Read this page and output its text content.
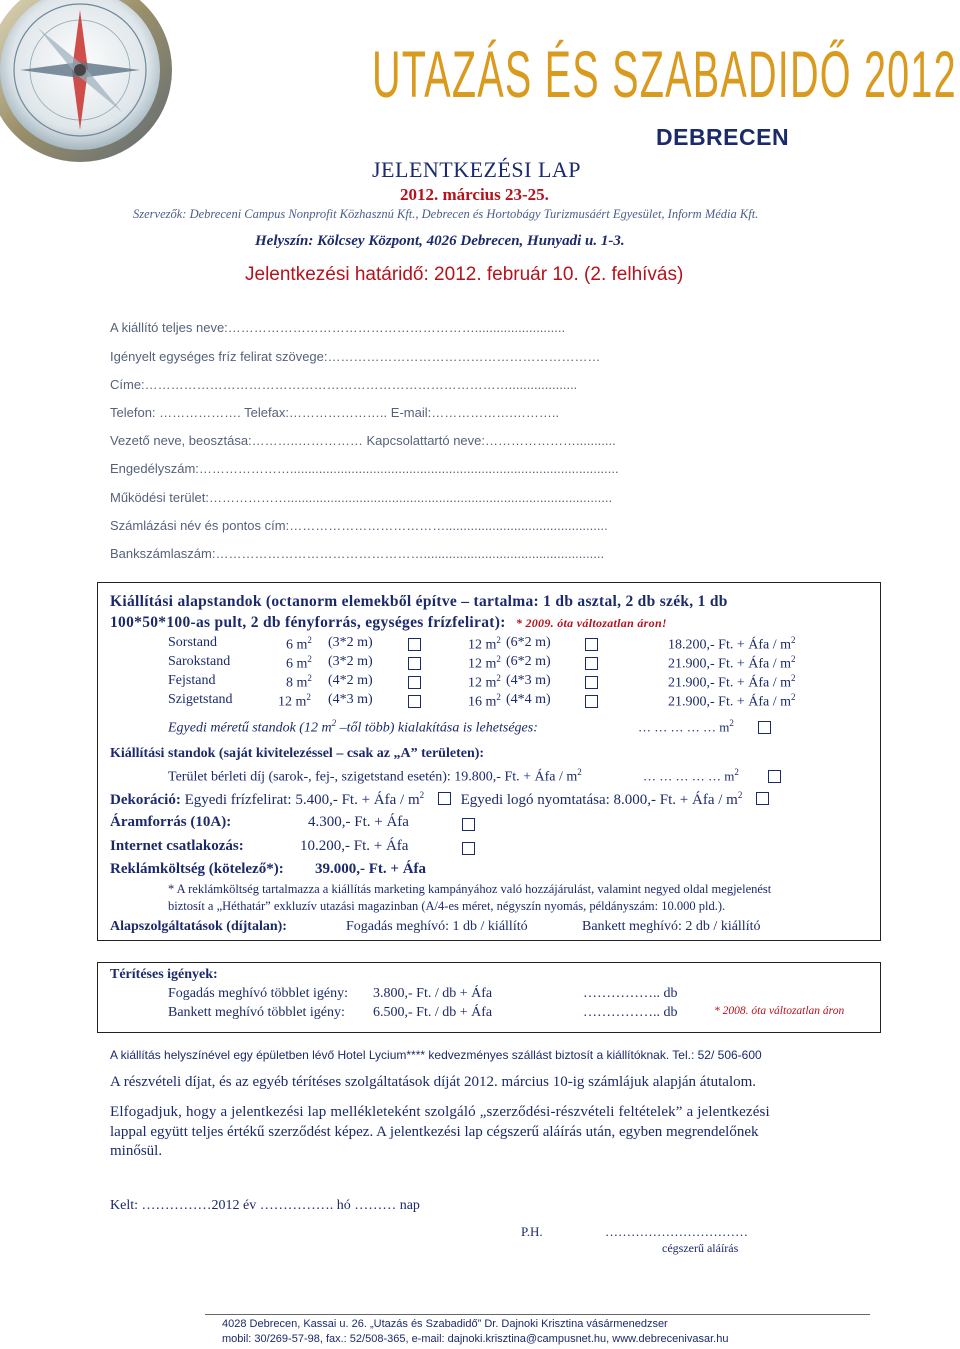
UTAZÁS ÉS SZABADIDŐ 2012
DEBRECEN
JELENTKEZÉSI LAP
2012. március 23-25.
Szervezők: Debreceni Campus Nonprofit Közhasznú Kft., Debrecen és Hortobágy Turizmusáért Egyesület, Inform Média Kft.
Helyszín: Kölcsey Központ, 4026 Debrecen, Hunyadi u. 1-3.
Jelentkezési határidő: 2012. február 10. (2. felhívás)
A kiállító teljes neve:………………………………………………….........................
Igényelt egységes fríz felirat szövege:………………………………………………………
Címe:…………………………………………………………………………...................
Telefon: ………………. Telefax:………………….. E-mail:……………….………..
Vezető neve, beosztása:………..…………… Kapcsolattartó neve:…………………...........
Engedélyszám:…………………...........................................................................................
Működési terület:………………..........................................................................................
Számlázási név és pontos cím:……………………………….............................................
Bankszámlaszám:…………………………………………..................................................
Kiállítási alapstandok (octanorm elemekből építve – tartalma: 1 db asztal, 2 db szék, 1 db
100*50*100-as pult, 2 db fényforrás, egységes frízfelirat): * 2009. óta változatlan áron!
Sorstand	6 $m^2$ (3*2 m)	12 $m^2$ (6*2 m)	18.200,- Ft. + Áfa / $m^2$
Sarokstand	6 $m^2$ (3*2 m)	12 $m^2$ (6*2 m)	21.900,- Ft. + Áfa / $m^2$
Fejstand	8 $m^2$ (4*2 m)	12 $m^2$ (4*3 m)	21.900,- Ft. + Áfa / $m^2$
Szigetstand	12 $m^2$ (4*3 m)	16 $m^2$ (4*4 m)	21.900,- Ft. + Áfa / $m^2$
Egyedi méretű standok (12 $m^2$ –től több) kialakítása is lehetséges:	… … … … … $m^2$
Kiállítási standok (saját kivitelezéssel – csak az „A” területen):
Terület bérleti díj (sarok-, fej-, szigetstand esetén): 19.800,- Ft. + Áfa / $m^2$	… … … … … $m^2$
Dekoráció: Egyedi frízfelirat: 5.400,- Ft. + Áfa / $m^2$ Egyedi logó nyomtatása: 8.000,- Ft. + Áfa / $m^2$
Áramforrás (10A):	4.300,- Ft. + Áfa
Internet csatlakozás:	10.200,- Ft. + Áfa
Reklámköltség (kötelező*): 39.000,- Ft. + Áfa
* A reklámköltség tartalmazza a kiállítás marketing kampányához való hozzájárulást, valamint negyed oldal megjelenést
biztosít a „Héthatár” exkluzív utazási magazinban (A/4-es méret, négyszín nyomás, példányszám: 10.000 pld.).
Alapszolgáltatások (díjtalan):	Fogadás meghívó: 1 db / kiállító	Bankett meghívó: 2 db / kiállító
Térítéses igények:
Fogadás meghívó többlet igény: 3.800,- Ft. / db + Áfa	…………….. db
Bankett meghívó többlet igény: 6.500,- Ft. / db + Áfa	…………….. db	* 2008. óta változatlan áron
A kiállítás helyszínével egy épületben lévő Hotel Lycium**** kedvezményes szállást biztosít a kiállítóknak. Tel.: 52/ 506-600
A részvételi díjat, és az egyéb térítéses szolgáltatások díját 2012. március 10-ig számlájuk alapján átutalom.
Elfogadjuk, hogy a jelentkezési lap mellékleteként szolgáló „szerződési-részvételi feltételek” a jelentkezési
lappal együtt teljes értékű szerződést képez. A jelentkezési lap cégszerű aláírás után, egyben megrendelőnek
minősül.
Kelt: ……………2012 év ……………. hó ……… nap
P.H.	……………………………
cégszerű aláírás
4028 Debrecen, Kassai u. 26. „Utazás és Szabadidő” Dr. Dajnoki Krisztina vásármenedzser
mobil: 30/269-57-98, fax.: 52/508-365, e-mail: dajnoki.krisztina@campusnet.hu, www.debrecenivasar.hu
